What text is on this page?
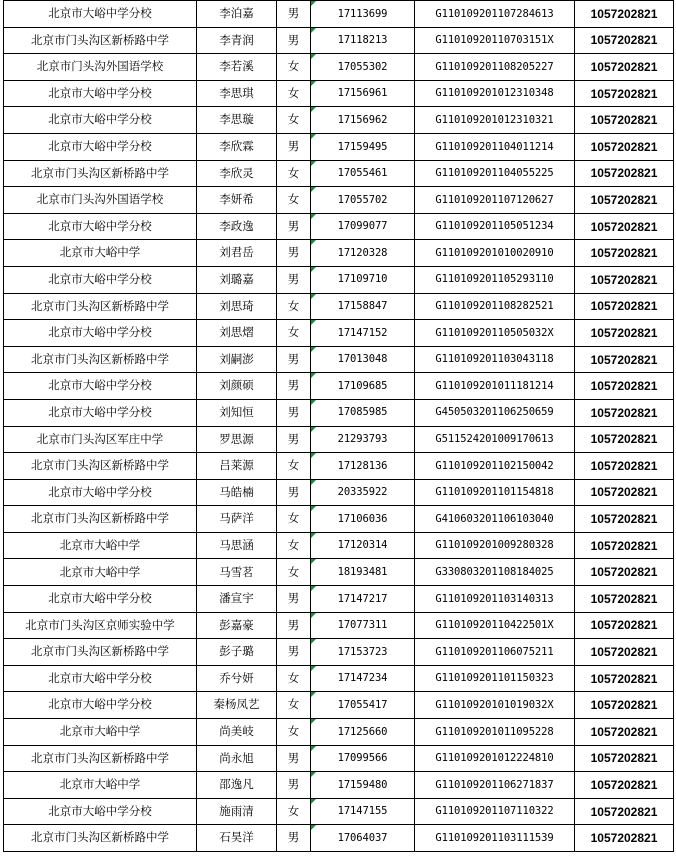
北京市大峪中学分校	李泊嘉	男	17113699	G110109201107284613	1057202821
北京市门头沟区新桥路中学	李青润	男	17118213	G11010920110703151X	1057202821
北京市门头沟外国语学校	李若溪	女	17055302	G110109201108205227	1057202821
北京市大峪中学分校	李思琪	女	17156961	G110109201012310348	1057202821
北京市大峪中学分校	李思璇	女	17156962	G110109201012310321	1057202821
北京市大峪中学分校	李欣霖	男	17159495	G110109201104011214	1057202821
北京市门头沟区新桥路中学	李欣灵	女	17055461	G110109201104055225	1057202821
北京市门头沟外国语学校	李妍希	女	17055702	G110109201107120627	1057202821
北京市大峪中学分校	李政逸	男	17099077	G110109201105051234	1057202821
北京市大峪中学	刘君岳	男	17120328	G110109201010020910	1057202821
北京市大峪中学分校	刘璐嘉	男	17109710	G110109201105293110	1057202821
北京市门头沟区新桥路中学	刘思琦	女	17158847	G110109201108282521	1057202821
北京市大峪中学分校	刘思熠	女	17147152	G11010920110505032X	1057202821
北京市门头沟区新桥路中学	刘嗣澎	男	17013048	G110109201103043118	1057202821
北京市大峪中学分校	刘颜硕	男	17109685	G110109201011181214	1057202821
北京市大峪中学分校	刘知恒	男	17085985	G450503201106250659	1057202821
北京市门头沟区军庄中学	罗思源	男	21293793	G511524201009170613	1057202821
北京市门头沟区新桥路中学	吕莱源	女	17128136	G110109201102150042	1057202821
北京市大峪中学分校	马皓楠	男	20335922	G110109201101154818	1057202821
北京市门头沟区新桥路中学	马萨洋	女	17106036	G410603201106103040	1057202821
北京市大峪中学	马思涵	女	17120314	G110109201009280328	1057202821
北京市大峪中学	马雪茗	女	18193481	G330803201108184025	1057202821
北京市大峪中学分校	潘宣宇	男	17147217	G110109201103140313	1057202821
北京市门头沟区京师实验中学	彭嘉豪	男	17077311	G11010920110422501X	1057202821
北京市门头沟区新桥路中学	彭子璐	男	17153723	G110109201106075211	1057202821
北京市大峪中学分校	乔兮妍	女	17147234	G110109201101150323	1057202821
北京市大峪中学分校	秦杨凤艺	女	17055417	G11010920101019032X	1057202821
北京市大峪中学	尚美岐	女	17125660	G110109201011095228	1057202821
北京市门头沟区新桥路中学	尚永旭	男	17099566	G110109201012224810	1057202821
北京市大峪中学	邵逸凡	男	17159480	G110109201106271837	1057202821
北京市大峪中学分校	施雨清	女	17147155	G110109201107110322	1057202821
北京市门头沟区新桥路中学	石昊洋	男	17064037	G110109201103111539	1057202821
